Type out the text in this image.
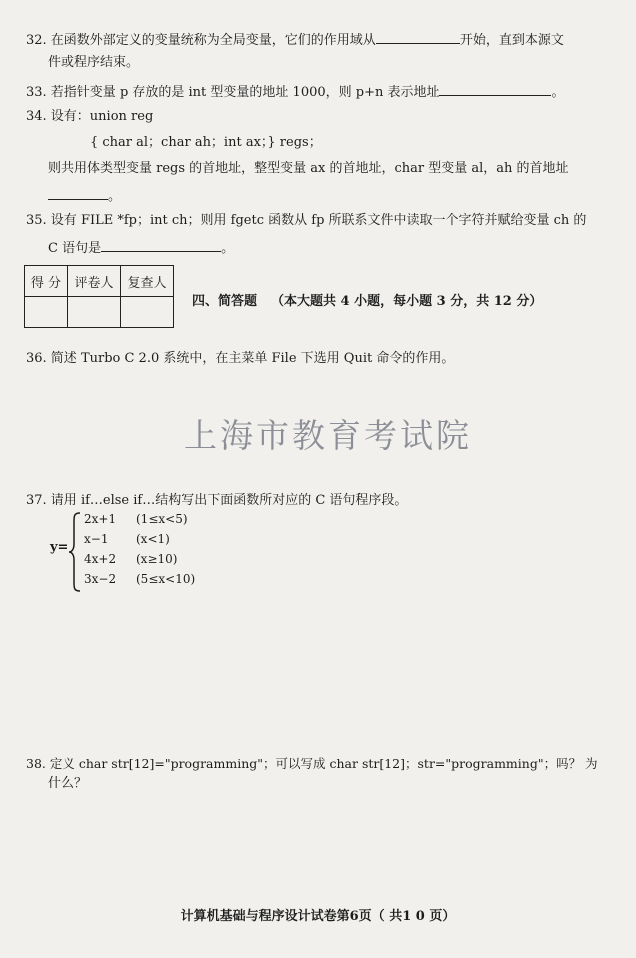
32. 在函数外部定义的变量统称为全局变量，它们的作用域从	开始，直到本源文
件或程序结束。
33. 若指针变量 p 存放的是 int 型变量的地址 1000，则 p+n 表示地址	。
34. 设有：union reg
{ char al；char ah；int ax；} regs；
则共用体类型变量 regs 的首地址，整型变量 ax 的首地址，char 型变量 al，ah 的首地址
。
35. 设有 FILE *fp；int ch；则用 fgetc 函数从 fp 所联系文件中读取一个字符并赋给变量 ch 的
C 语句是	。
得 分	评卷人	复查人

四、简答题 （本大题共 4 小题，每小题 3 分，共 12 分）
36. 简述 Turbo C 2.0 系统中，在主菜单 File 下选用 Quit 命令的作用。
上海市教育考试院
37. 请用 if…else if…结构写出下面函数所对应的 C 语句程序段。
y=
2x+1 (1≤x<5)
x−1 (x<1)
4x+2 (x≥10)
3x−2 (5≤x<10)
38. 定义 char str[12]="programming"；可以写成 char str[12]；str="programming"；吗？ 为
什么？
计算机基础与程序设计试卷第6页（ 共1 0 页）
